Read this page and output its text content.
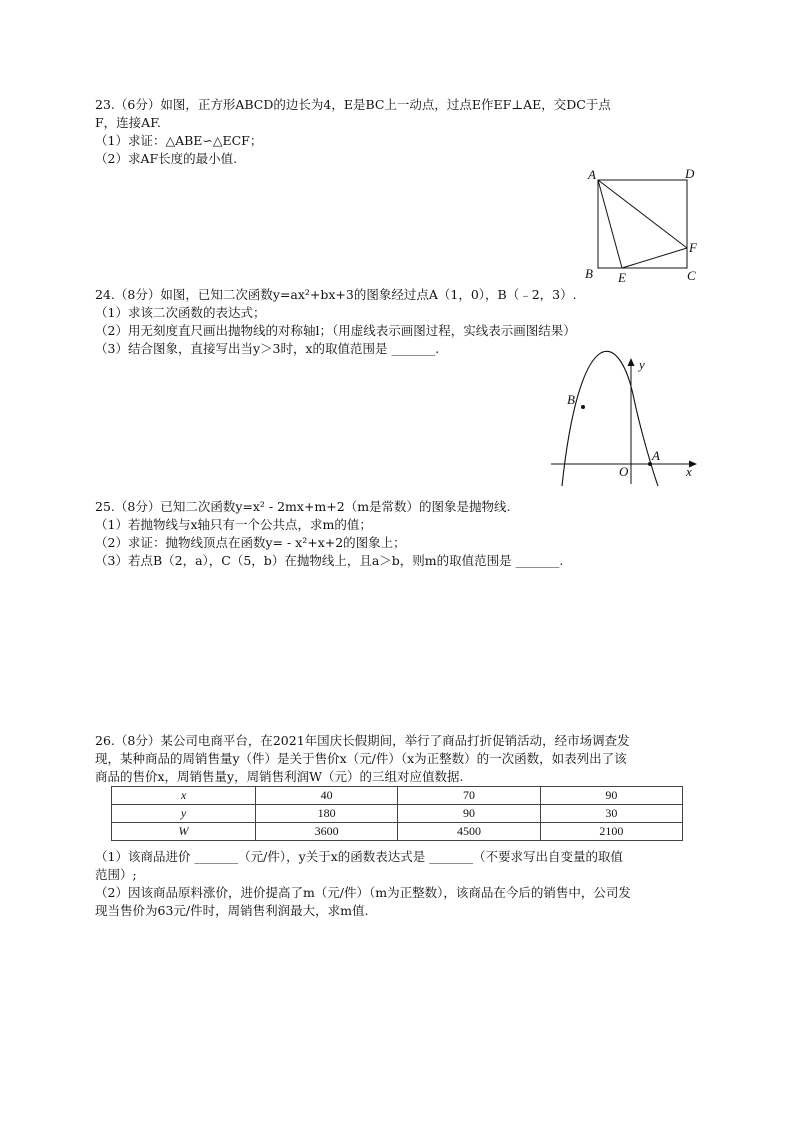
23.（6分）如图，正方形ABCD的边长为4，E是BC上一动点，过点E作EF⊥AE，交DC于点
F，连接AF.
（1）求证：△ABE∽△ECF；
（2）求AF长度的最小值.
A	D
B E
F
C
24.（8分）如图，已知二次函数y=ax²+bx+3的图象经过点A（1，0），B（﹣2，3）.
（1）求该二次函数的表达式；
（2）用无刻度直尺画出抛物线的对称轴l；（用虚线表示画图过程，实线表示画图结果）
（3）结合图象，直接写出当y＞3时，x的取值范围是 _______.
y
x
O
A
B
25.（8分）已知二次函数y=x² - 2mx+m+2（m是常数）的图象是抛物线.
（1）若抛物线与x轴只有一个公共点，求m的值；
（2）求证：抛物线顶点在函数y= - x²+x+2的图象上；
（3）若点B（2，a），C（5，b）在抛物线上，且a＞b，则m的取值范围是 _______.
26.（8分）某公司电商平台，在2021年国庆长假期间，举行了商品打折促销活动，经市场调查发
现，某种商品的周销售量y（件）是关于售价x（元/件）（x为正整数）的一次函数，如表列出了该
商品的售价x，周销售量y，周销售利润W（元）的三组对应值数据.
x	40	70	90
y	180	90	30
W	3600	4500	2100
（1）该商品进价 _______（元/件），y关于x的函数表达式是 _______（不要求写出自变量的取值
范围）;
（2）因该商品原料涨价，进价提高了m（元/件）（m为正整数），该商品在今后的销售中，公司发
现当售价为63元/件时，周销售利润最大，求m值.
